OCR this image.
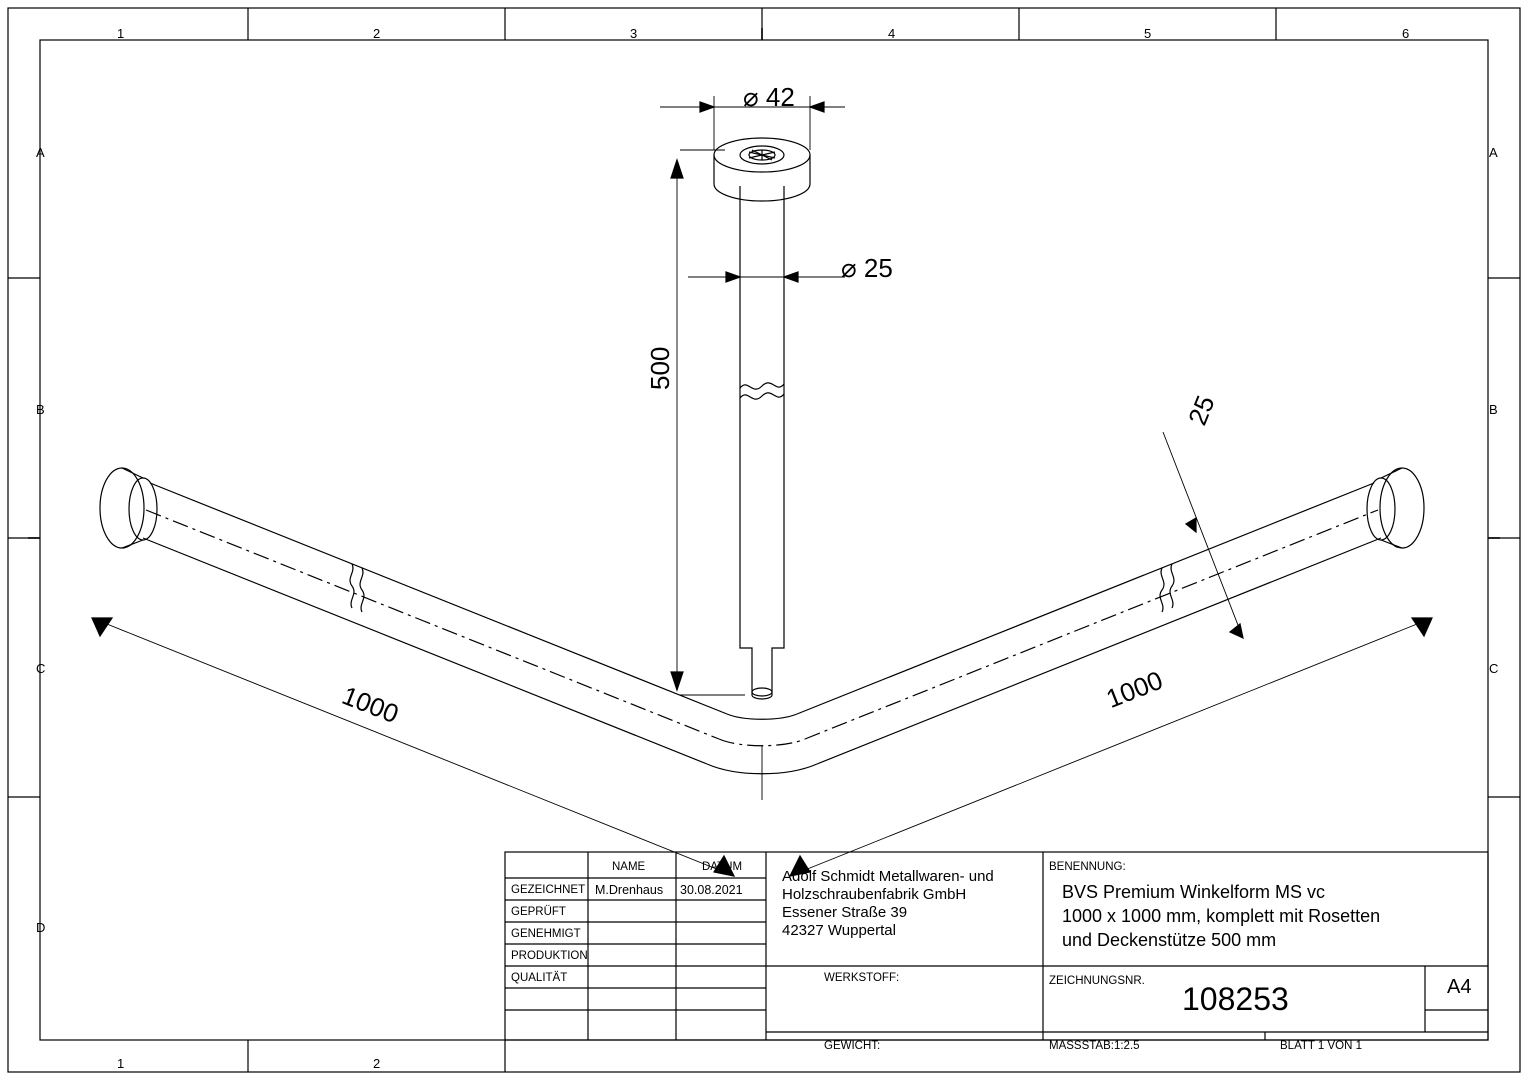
1	2	3	4	5	6
1	2
A
B
C
D
A
B
C
⌀ 42
⌀ 25
500
1000	1000
25
NAME	DATUM
GEZEICHNET M.Drenhaus 30.08.2021
GEPRÜFT
GENEHMIGT
PRODUKTION
QUALITÄT
Adolf Schmidt Metallwaren- und
Holzschraubenfabrik GmbH
Essener Straße 39
42327 Wuppertal
BENENNUNG:
BVS Premium Winkelform MS vc
1000 x 1000 mm, komplett mit Rosetten
und Deckenstütze 500 mm
WERKSTOFF:	ZEICHNUNGSNR. 108253	A4
GEWICHT:	MASSSTAB:1:2.5	BLATT 1 VON 1
